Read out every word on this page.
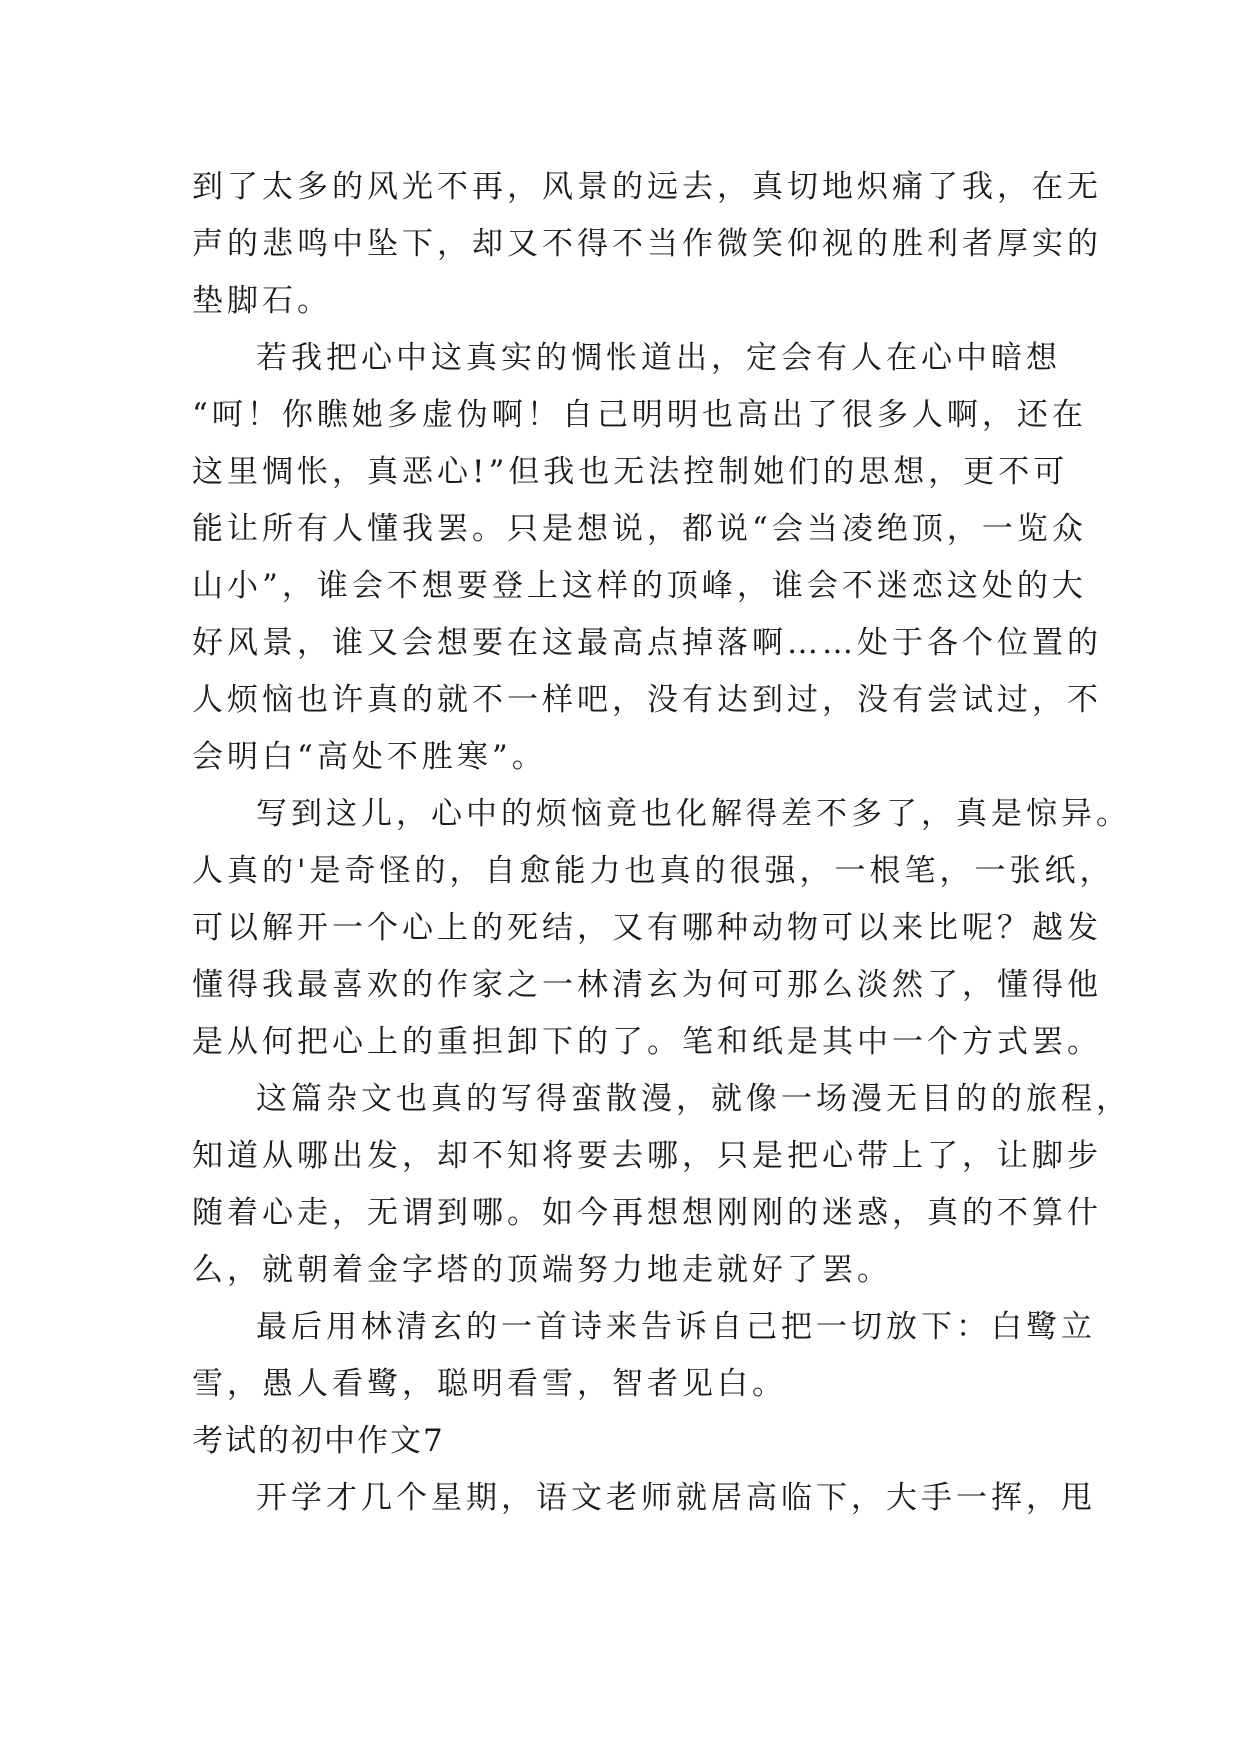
到了太多的风光不再，风景的远去，真切地炽痛了我，在无
声的悲鸣中坠下，却又不得不当作微笑仰视的胜利者厚实的
垫脚石。
若我把心中这真实的惆怅道出，定会有人在心中暗想
“呵！你瞧她多虚伪啊！自己明明也高出了很多人啊，还在
这里惆怅，真恶心!”但我也无法控制她们的思想，更不可
能让所有人懂我罢。只是想说，都说“会当凌绝顶，一览众
山小”，谁会不想要登上这样的顶峰，谁会不迷恋这处的大
好风景，谁又会想要在这最高点掉落啊……处于各个位置的
人烦恼也许真的就不一样吧，没有达到过，没有尝试过，不
会明白“高处不胜寒”。
写到这儿，心中的烦恼竟也化解得差不多了，真是惊异。
人真的'是奇怪的，自愈能力也真的很强，一根笔，一张纸，
可以解开一个心上的死结，又有哪种动物可以来比呢？越发
懂得我最喜欢的作家之一林清玄为何可那么淡然了，懂得他
是从何把心上的重担卸下的了。笔和纸是其中一个方式罢。
这篇杂文也真的写得蛮散漫，就像一场漫无目的的旅程，
知道从哪出发，却不知将要去哪，只是把心带上了，让脚步
随着心走，无谓到哪。如今再想想刚刚的迷惑，真的不算什
么，就朝着金字塔的顶端努力地走就好了罢。
最后用林清玄的一首诗来告诉自己把一切放下：白鹭立
雪，愚人看鹭，聪明看雪，智者见白。
考试的初中作文7
开学才几个星期，语文老师就居高临下，大手一挥，甩
